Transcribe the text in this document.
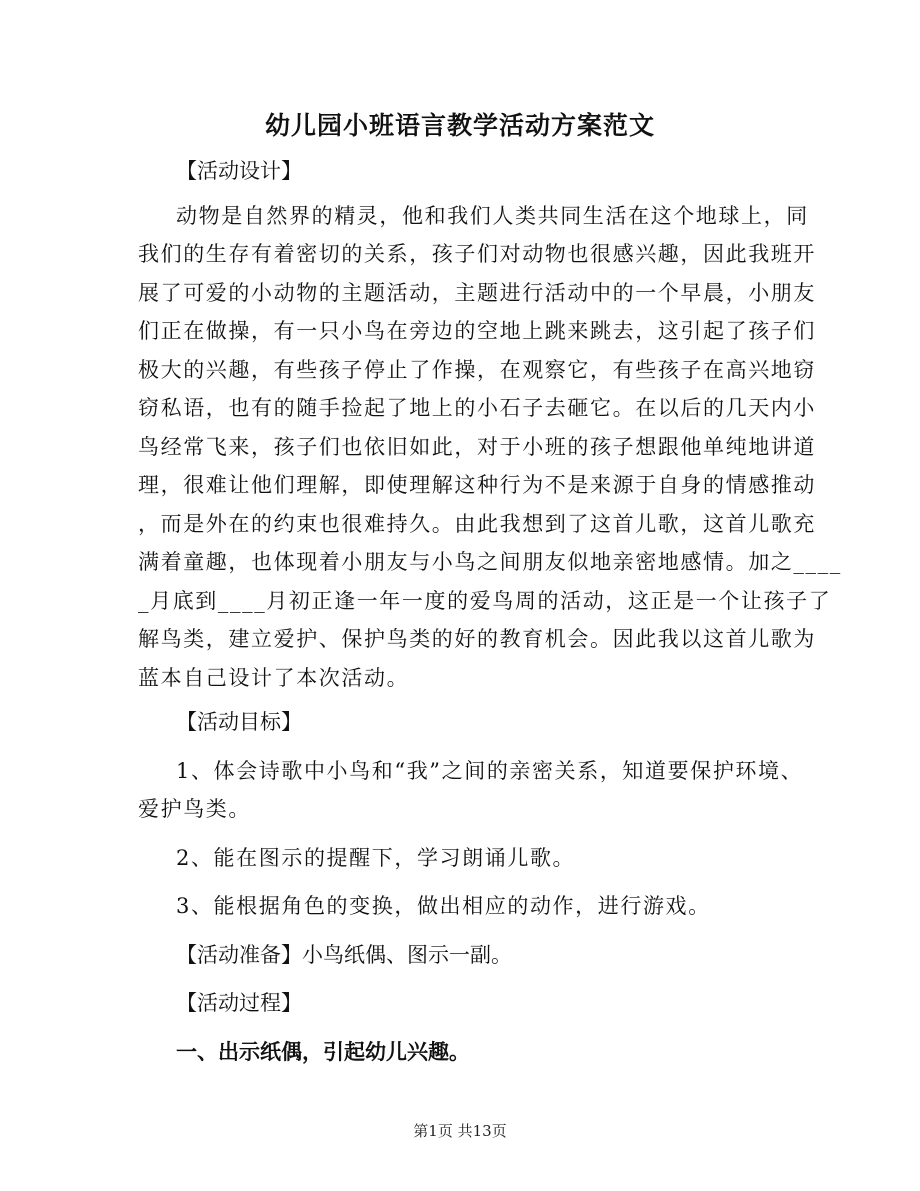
幼儿园小班语言教学活动方案范文
【活动设计】
动物是自然界的精灵，他和我们人类共同生活在这个地球上，同
我们的生存有着密切的关系，孩子们对动物也很感兴趣，因此我班开
展了可爱的小动物的主题活动，主题进行活动中的一个早晨，小朋友
们正在做操，有一只小鸟在旁边的空地上跳来跳去，这引起了孩子们
极大的兴趣，有些孩子停止了作操，在观察它，有些孩子在高兴地窃
窃私语，也有的随手捡起了地上的小石子去砸它。在以后的几天内小
鸟经常飞来，孩子们也依旧如此，对于小班的孩子想跟他单纯地讲道
理，很难让他们理解，即使理解这种行为不是来源于自身的情感推动
，而是外在的约束也很难持久。由此我想到了这首儿歌，这首儿歌充
满着童趣，也体现着小朋友与小鸟之间朋友似地亲密地感情。加之____
_月底到____月初正逢一年一度的爱鸟周的活动，这正是一个让孩子了
解鸟类，建立爱护、保护鸟类的好的教育机会。因此我以这首儿歌为
蓝本自己设计了本次活动。
【活动目标】
1、体会诗歌中小鸟和“我”之间的亲密关系，知道要保护环境、
爱护鸟类。
2、能在图示的提醒下，学习朗诵儿歌。
3、能根据角色的变换，做出相应的动作，进行游戏。
【活动准备】小鸟纸偶、图示一副。
【活动过程】
一、出示纸偶，引起幼儿兴趣。
第1页 共13页
